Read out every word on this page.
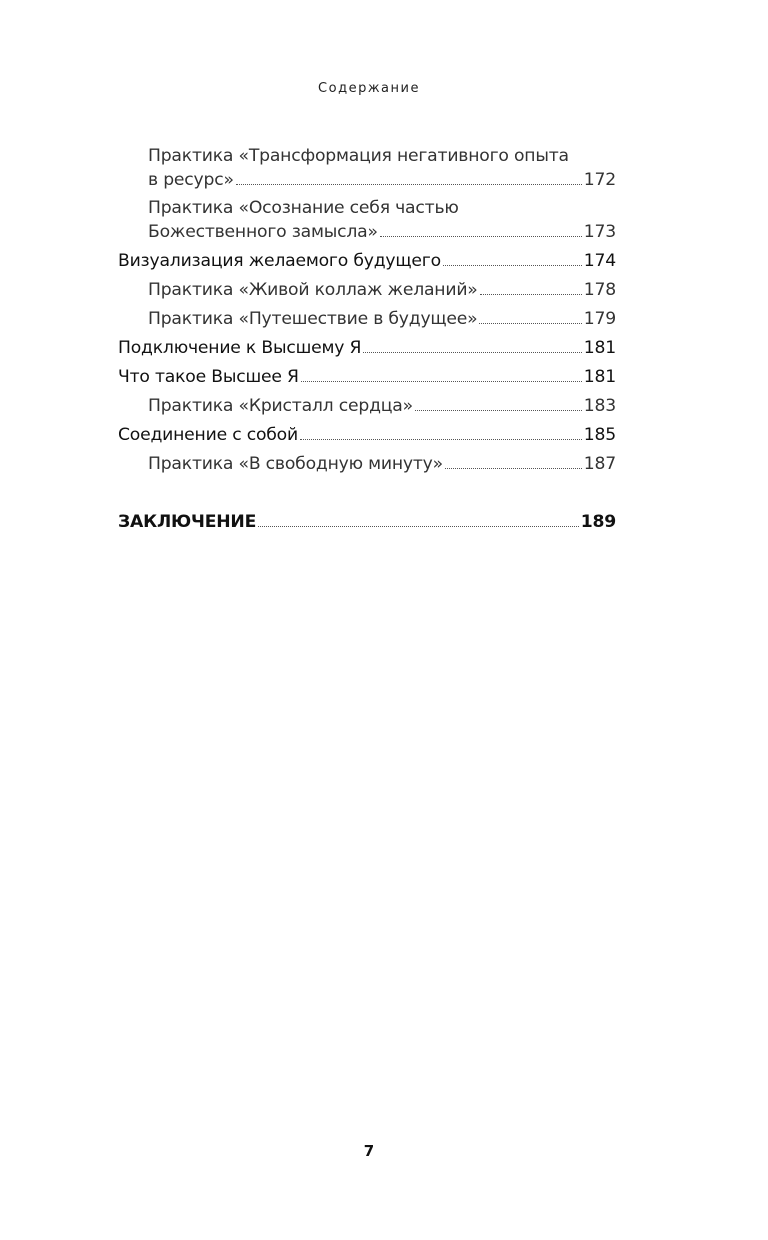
Содержание
Практика «Трансформация негативного опыта
в ресурс»	172
Практика «Осознание себя частью
Божественного замысла»	173
Визуализация желаемого будущего	174
Практика «Живой коллаж желаний»	178
Практика «Путешествие в будущее»	179
Подключение к Высшему Я	181
Что такое Высшее Я	181
Практика «Кристалл сердца»	183
Соединение с собой	185
Практика «В свободную минуту»	187
ЗАКЛЮЧЕНИЕ	189
7
